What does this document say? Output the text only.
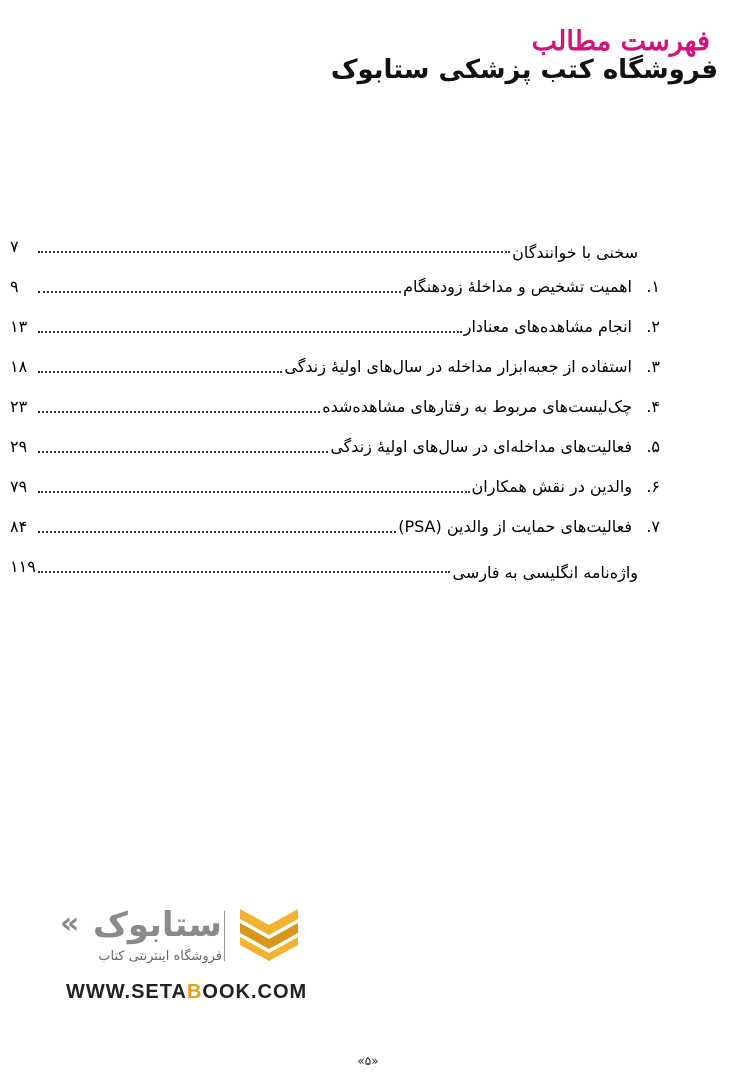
فهرست مطالب
فروشگاه کتب پزشکی ستابوک
۷	سخنی با خوانندگان
۹	اهمیت تشخیص و مداخلۀ زودهنگام ۱.
۱۳	انجام مشاهده‌های معنادار ۲.
۱۸	استفاده از جعبه‌ابزار مداخله در سال‌های اولیۀ زندگی ۳.
۲۳	چک‌لیست‌های مربوط به رفتارهای مشاهده‌شده ۴.
۲۹	فعالیت‌های مداخله‌ای در سال‌های اولیۀ زندگی ۵.
۷۹	والدین در نقش همکاران ۶.
۸۴	فعالیت‌های حمایت از والدین (PSA) ۷.
۱۱۹	واژه‌نامه انگلیسی به فارسی
« ستابوک
فروشگاه اینترنتی کتاب
WWW.SETABOOK.COM
«۵»
